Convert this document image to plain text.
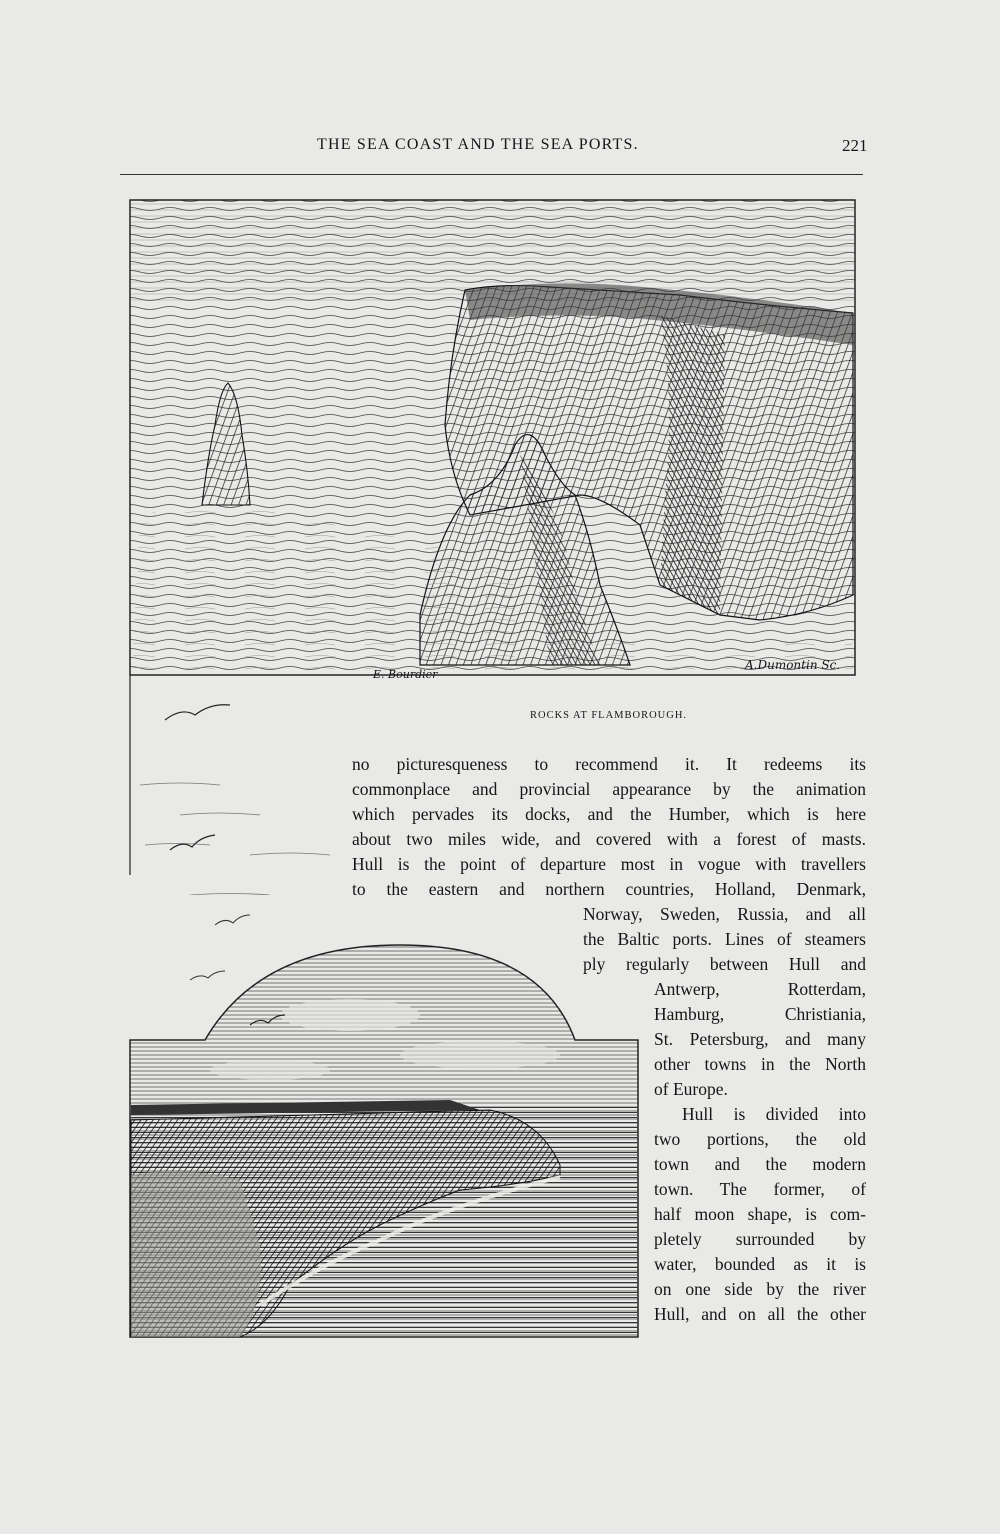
THE SEA COAST AND THE SEA PORTS.	221
E. Bourdier
A.Dumontin Sc.
ROCKS AT FLAMBOROUGH.
no picturesqueness to recommend it. It redeems its
commonplace and provincial appearance by the animation
which pervades its docks, and the Humber, which is here
about two miles wide, and covered with a forest of masts.
Hull is the point of departure most in vogue with travellers
to the eastern and northern countries, Holland, Denmark,
Norway, Sweden, Russia, and all
the Baltic ports. Lines of steamers
ply regularly between Hull and
Antwerp, Rotterdam,
Hamburg, Christiania,
St. Petersburg, and many
other towns in the North
of Europe.
Hull is divided into
two portions, the old
town and the modern
town. The former, of
half moon shape, is com-
pletely surrounded by
water, bounded as it is
on one side by the river
Hull, and on all the other
